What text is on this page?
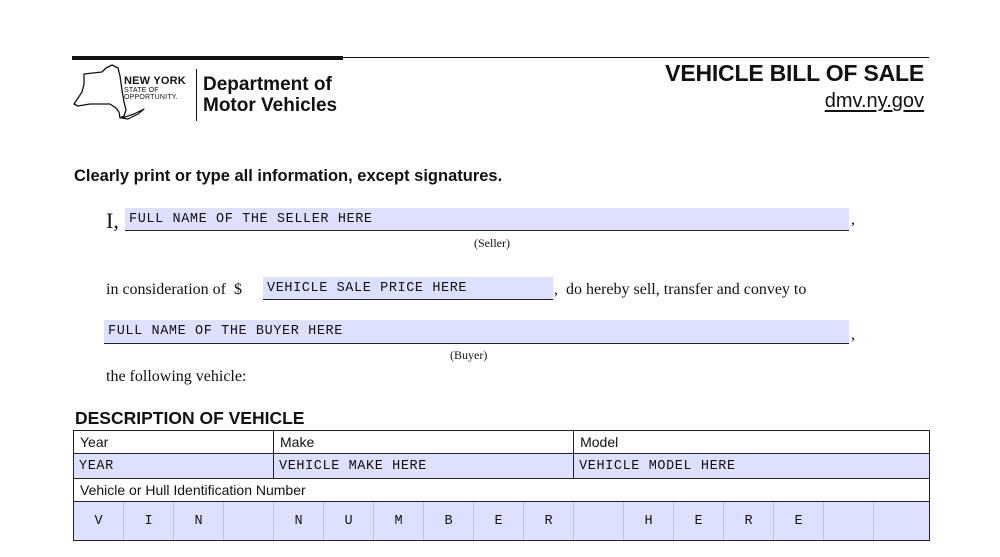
NEW YORK
STATE OF
OPPORTUNITY.
Department of
Motor Vehicles
VEHICLE BILL OF SALE
dmv.ny.gov
Clearly print or type all information, except signatures.
I, FULL NAME OF THE SELLER HERE	,
(Seller)
in consideration of  $ VEHICLE SALE PRICE HERE	,  do hereby sell, transfer and convey to
FULL NAME OF THE BUYER HERE	,
(Buyer)
the following vehicle:
DESCRIPTION OF VEHICLE
Year				Make						Model						
YEAR				VEHICLE MAKE HERE						VEHICLE MODEL HERE						
Vehicle or Hull Identification Number																
V	I	N		N	U	M	B	E	R		H	E	R	E		
